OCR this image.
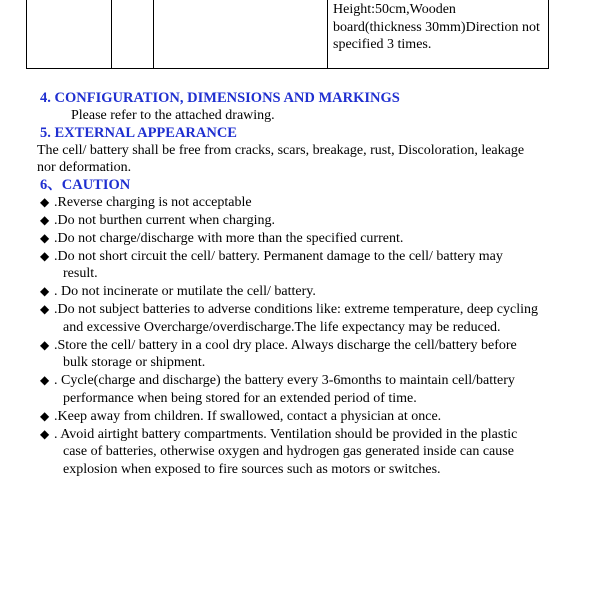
			Height:50cm,Wooden board(thickness 30mm)Direction not specified 3 times.
4. CONFIGURATION, DIMENSIONS AND MARKINGS

Please refer to the attached drawing.

5. EXTERNAL APPEARANCE

The cell/ battery shall be free from cracks, scars, breakage, rust, Discoloration, leakage nor deformation.

6、CAUTION
◆ .Reverse charging is not acceptable
◆ .Do not burthen current when charging.
◆ .Do not charge/discharge with more than the specified current.
◆ .Do not short circuit the cell/ battery. Permanent damage to the cell/ battery may result.
◆ . Do not incinerate or mutilate the cell/ battery.
◆ .Do not subject batteries to adverse conditions like: extreme temperature, deep cycling and excessive Overcharge/overdischarge.The life expectancy may be reduced.
◆ .Store the cell/ battery in a cool dry place. Always discharge the cell/battery before bulk storage or shipment.
◆ . Cycle(charge and discharge) the battery every 3-6months to maintain cell/battery performance when being stored for an extended period of time.
◆ .Keep away from children. If swallowed, contact a physician at once.
◆ . Avoid airtight battery compartments. Ventilation should be provided in the plastic case of batteries, otherwise oxygen and hydrogen gas generated inside can cause explosion when exposed to fire sources such as motors or switches.
